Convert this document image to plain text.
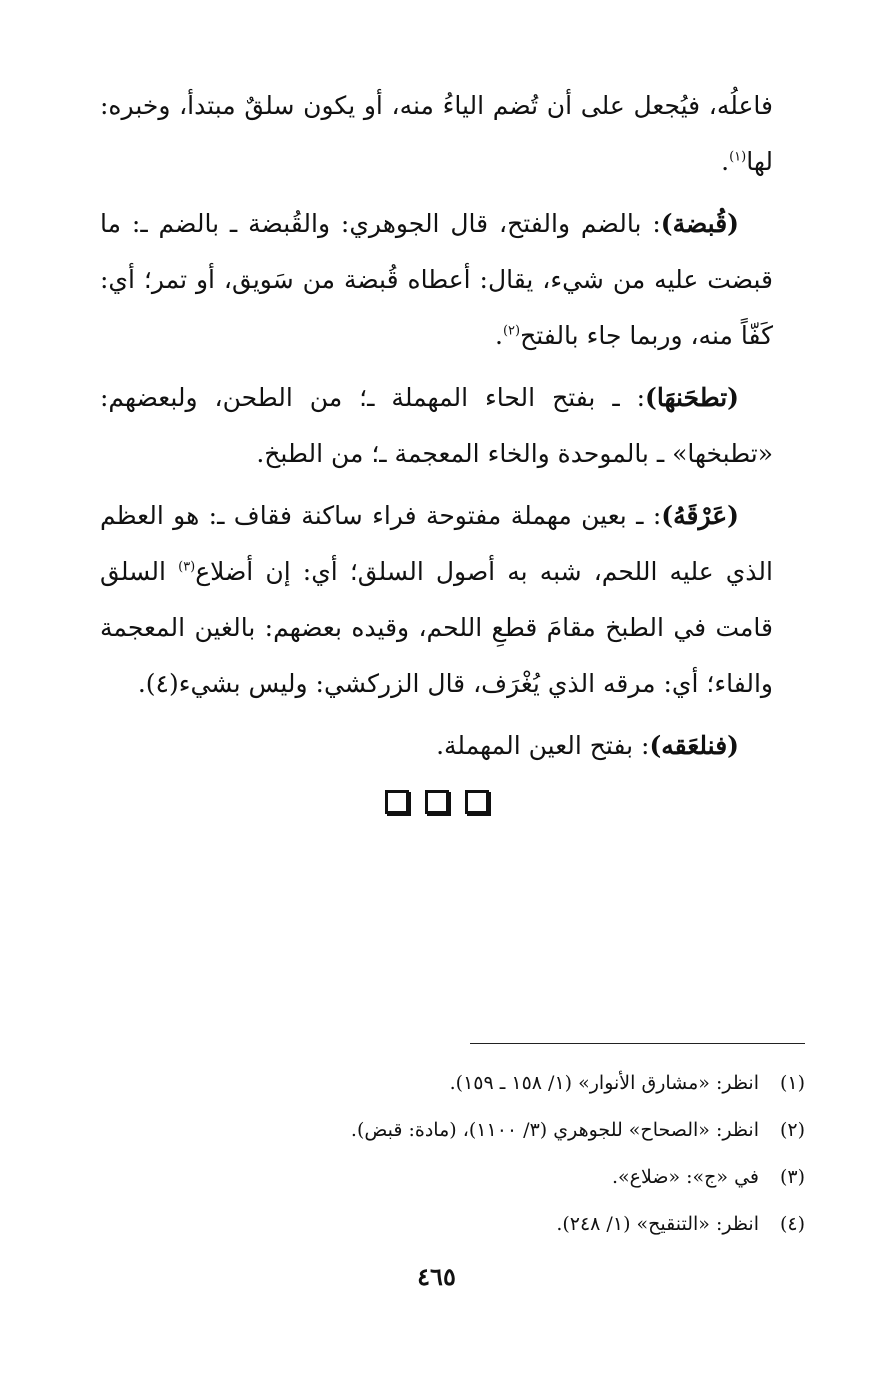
فاعلُه، فيُجعل على أن تُضم الياءُ منه، أو يكون سلقٌ مبتدأ، وخبره: لها$^{(١)}$.

(قُبضة): بالضم والفتح، قال الجوهري: والقُبضة ـ بالضم ـ: ما قبضت عليه من شيء، يقال: أعطاه قُبضة من سَويق، أو تمر؛ أي: كَفّاً منه، وربما جاء بالفتح$^{(٢)}$.

(تطحَنهَا): ـ بفتح الحاء المهملة ـ؛ من الطحن، ولبعضهم: «تطبخها» ـ بالموحدة والخاء المعجمة ـ؛ من الطبخ.

(عَرْقَهُ): ـ بعين مهملة مفتوحة فراء ساكنة فقاف ـ: هو العظم الذي عليه اللحم، شبه به أصول السلق؛ أي: إن أضلاع$^{(٣)}$ السلق قامت في الطبخ مقامَ قطعِ اللحم، وقيده بعضهم: بالغين المعجمة والفاء؛ أي: مرقه الذي يُغْرَف، قال الزركشي: وليس بشيء(٤).

(فنلعَقه): بفتح العين المهملة.

(١)انظر: «مشارق الأنوار» (١/ ١٥٨ ـ ١٥٩).
(٢)انظر: «الصحاح» للجوهري (٣/ ١١٠٠)، (مادة: قبض).
(٣)في «ج»: «ضلاع».
(٤)انظر: «التنقيح» (١/ ٢٤٨).
٤٦٥
